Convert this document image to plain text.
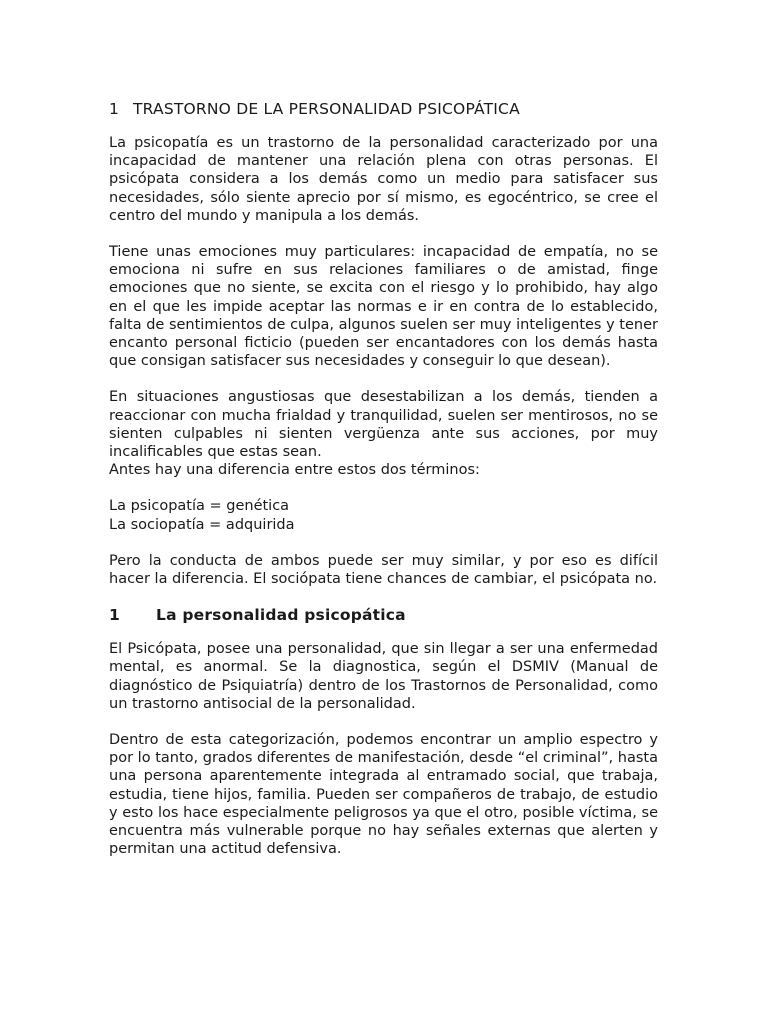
1 TRASTORNO DE LA PERSONALIDAD PSICOPÁTICA

La psicopatía es un trastorno de la personalidad caracterizado por una incapacidad de mantener una relación plena con otras personas. El psicópata considera a los demás como un medio para satisfacer sus necesidades, sólo siente aprecio por sí mismo, es egocéntrico, se cree el centro del mundo y manipula a los demás.

Tiene unas emociones muy particulares: incapacidad de empatía, no se emociona ni sufre en sus relaciones familiares o de amistad, finge emociones que no siente, se excita con el riesgo y lo prohibido, hay algo en el que les impide aceptar las normas e ir en contra de lo establecido, falta de sentimientos de culpa, algunos suelen ser muy inteligentes y tener encanto personal ficticio (pueden ser encantadores con los demás hasta que consigan satisfacer sus necesidades y conseguir lo que desean).

En situaciones angustiosas que desestabilizan a los demás, tienden a reaccionar con mucha frialdad y tranquilidad, suelen ser mentirosos, no se sienten culpables ni sienten vergüenza ante sus acciones, por muy incalificables que estas sean.

Antes hay una diferencia entre estos dos términos:

La psicopatía = genética

La sociopatía = adquirida

Pero la conducta de ambos puede ser muy similar, y por eso es difícil hacer la diferencia. El sociópata tiene chances de cambiar, el psicópata no.

1 La personalidad psicopática

El Psicópata, posee una personalidad, que sin llegar a ser una enfermedad mental, es anormal. Se la diagnostica, según el DSMIV (Manual de diagnóstico de Psiquiatría) dentro de los Trastornos de Personalidad, como un trastorno antisocial de la personalidad.

Dentro de esta categorización, podemos encontrar un amplio espectro y por lo tanto, grados diferentes de manifestación, desde “el criminal”, hasta una persona aparentemente integrada al entramado social, que trabaja, estudia, tiene hijos, familia. Pueden ser compañeros de trabajo, de estudio y esto los hace especialmente peligrosos ya que el otro, posible víctima, se encuentra más vulnerable porque no hay señales externas que alerten y permitan una actitud defensiva.
